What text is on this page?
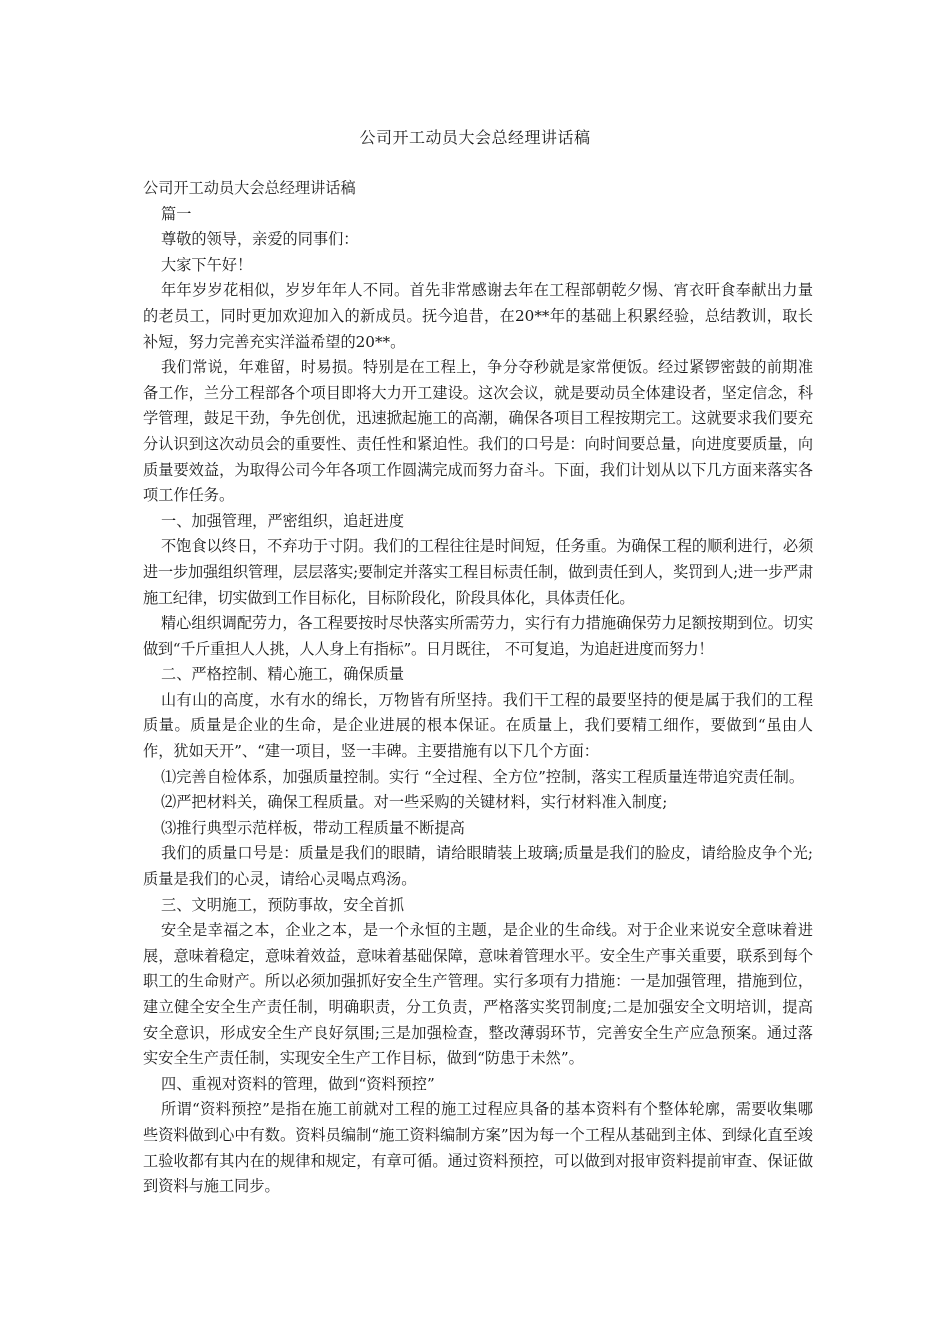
公司开工动员大会总经理讲话稿

公司开工动员大会总经理讲话稿

篇一

尊敬的领导，亲爱的同事们：

大家下午好！

年年岁岁花相似，岁岁年年人不同。首先非常感谢去年在工程部朝乾夕惕、宵衣旰食奉献出力量的老员工，同时更加欢迎加入的新成员。抚今追昔，在20**年的基础上积累经验，总结教训，取长补短，努力完善充实洋溢希望的20**。

我们常说，年难留，时易损。特别是在工程上，争分夺秒就是家常便饭。经过紧锣密鼓的前期准备工作，兰分工程部各个项目即将大力开工建设。这次会议，就是要动员全体建设者，坚定信念，科学管理，鼓足干劲，争先创优，迅速掀起施工的高潮，确保各项目工程按期完工。这就要求我们要充分认识到这次动员会的重要性、责任性和紧迫性。我们的口号是：向时间要总量，向进度要质量，向质量要效益，为取得公司今年各项工作圆满完成而努力奋斗。下面，我们计划从以下几方面来落实各项工作任务。

一、加强管理，严密组织，追赶进度

不饱食以终日，不弃功于寸阴。我们的工程往往是时间短，任务重。为确保工程的顺利进行，必须进一步加强组织管理，层层落实;要制定并落实工程目标责任制，做到责任到人，奖罚到人;进一步严肃施工纪律，切实做到工作目标化，目标阶段化，阶段具体化，具体责任化。

精心组织调配劳力，各工程要按时尽快落实所需劳力，实行有力措施确保劳力足额按期到位。切实做到“千斤重担人人挑，人人身上有指标”。日月既往， 不可复追，为追赶进度而努力！

二、严格控制、精心施工，确保质量

山有山的高度，水有水的绵长，万物皆有所坚持。我们干工程的最要坚持的便是属于我们的工程质量。质量是企业的生命，是企业进展的根本保证。在质量上，我们要精工细作，要做到“虽由人作，犹如天开”、“建一项目，竖一丰碑。主要措施有以下几个方面：

⑴完善自检体系，加强质量控制。实行 “全过程、全方位”控制，落实工程质量连带追究责任制。

⑵严把材料关，确保工程质量。对一些采购的关键材料，实行材料准入制度;

⑶推行典型示范样板，带动工程质量不断提高

我们的质量口号是：质量是我们的眼睛，请给眼睛装上玻璃;质量是我们的脸皮，请给脸皮争个光;质量是我们的心灵，请给心灵喝点鸡汤。

三、文明施工，预防事故，安全首抓

安全是幸福之本，企业之本，是一个永恒的主题，是企业的生命线。对于企业来说安全意味着进展，意味着稳定，意味着效益，意味着基础保障，意味着管理水平。安全生产事关重要，联系到每个职工的生命财产。所以必须加强抓好安全生产管理。实行多项有力措施：一是加强管理，措施到位，建立健全安全生产责任制，明确职责，分工负责，严格落实奖罚制度;二是加强安全文明培训，提高安全意识，形成安全生产良好氛围;三是加强检查，整改薄弱环节，完善安全生产应急预案。通过落实安全生产责任制，实现安全生产工作目标，做到“防患于未然”。

四、重视对资料的管理，做到“资料预控”

所谓“资料预控”是指在施工前就对工程的施工过程应具备的基本资料有个整体轮廓，需要收集哪些资料做到心中有数。资料员编制“施工资料编制方案”因为每一个工程从基础到主体、到绿化直至竣工验收都有其内在的规律和规定，有章可循。通过资料预控，可以做到对报审资料提前审查、保证做到资料与施工同步。
